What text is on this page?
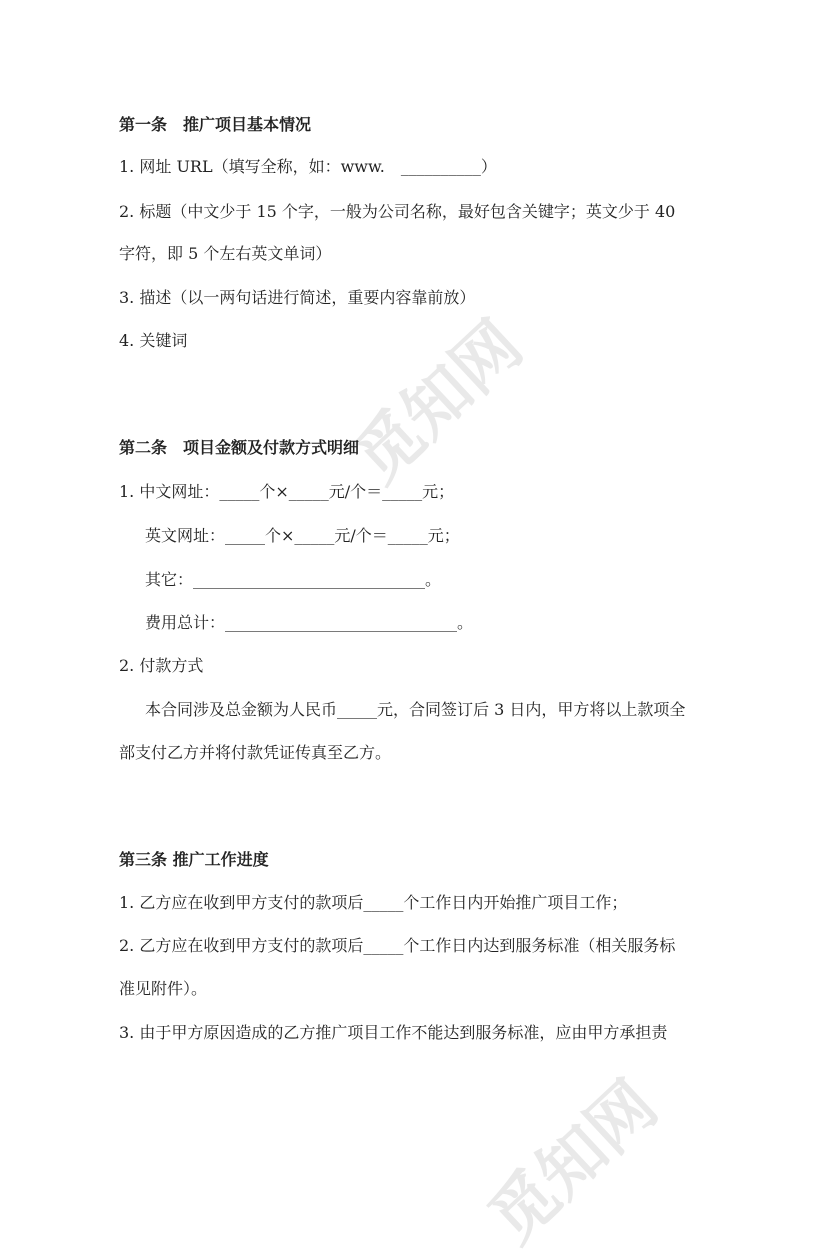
觅知网
觅知网
第一条　推广项目基本情况
1. 网址 URL（填写全称，如：www.　__________）
2. 标题（中文少于 15 个字，一般为公司名称，最好包含关键字；英文少于 40
字符，即 5 个左右英文单词）
3. 描述（以一两句话进行简述，重要内容靠前放）
4. 关键词
第二条　项目金额及付款方式明细
1. 中文网址：_____个×_____元/个＝_____元；
英文网址：_____个×_____元/个＝_____元；
其它：_____________________________。
费用总计：_____________________________。
2. 付款方式
本合同涉及总金额为人民币_____元，合同签订后 3 日内，甲方将以上款项全
部支付乙方并将付款凭证传真至乙方。
第三条 推广工作进度
1. 乙方应在收到甲方支付的款项后_____个工作日内开始推广项目工作；
2. 乙方应在收到甲方支付的款项后_____个工作日内达到服务标准（相关服务标
准见附件）。
3. 由于甲方原因造成的乙方推广项目工作不能达到服务标准，应由甲方承担责
